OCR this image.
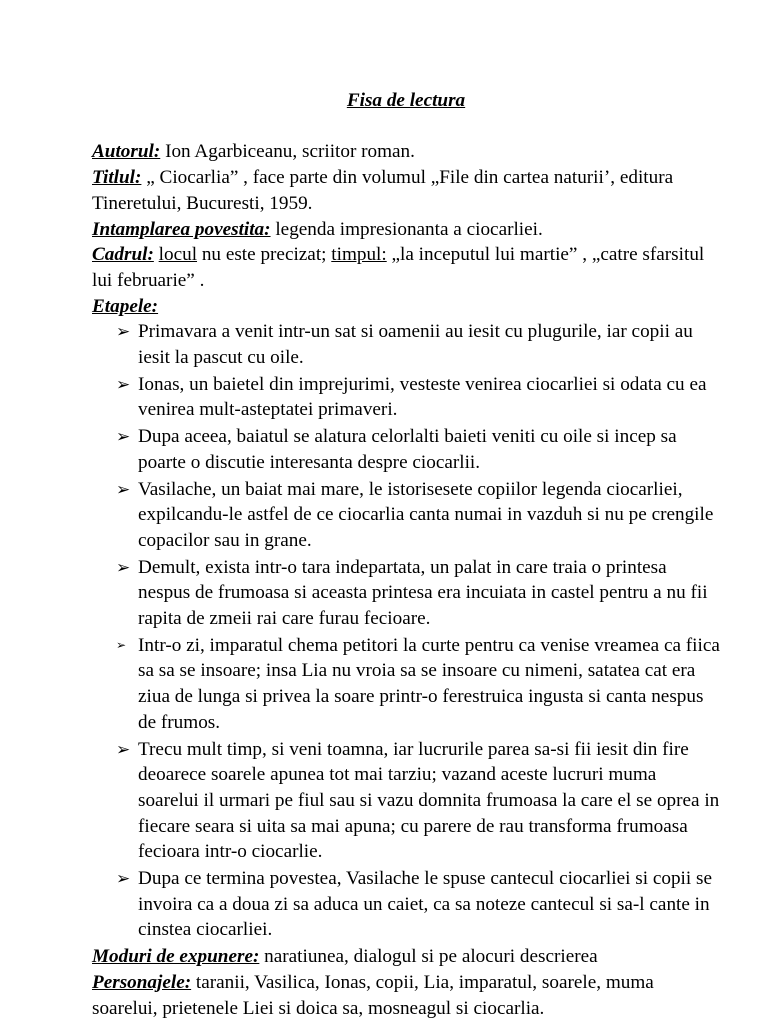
Fisa de lectura

Autorul: Ion Agarbiceanu, scriitor roman.

Titlul: „ Ciocarlia” , face parte din volumul „File din cartea naturii’, editura Tineretului, Bucuresti, 1959.

Intamplarea povestita: legenda impresionanta a ciocarliei.

Cadrul: locul nu este precizat; timpul: „la inceputul lui martie” , „catre sfarsitul lui februarie” .

Etapele:

➢ Primavara a venit intr-un sat si oamenii au iesit cu plugurile, iar copii au iesit la pascut cu oile.
➢ Ionas, un baietel din imprejurimi, vesteste venirea ciocarliei si odata cu ea venirea mult-asteptatei primaveri.
➢ Dupa aceea, baiatul se alatura celorlalti baieti veniti cu oile si incep sa poarte o discutie interesanta despre ciocarlii.
➢ Vasilache, un baiat mai mare, le istorisesete copiilor legenda ciocarliei, expilcandu-le astfel de ce ciocarlia canta numai in vazduh si nu pe crengile copacilor sau in grane.
➢ Demult, exista intr-o tara indepartata, un palat in care traia o printesa nespus de frumoasa si aceasta printesa era incuiata in castel pentru a nu fii rapita de zmeii rai care furau fecioare.
➢ Intr-o zi, imparatul chema petitori la curte pentru ca venise vreamea ca fiica sa sa se insoare; insa Lia nu vroia sa se insoare cu nimeni, satatea cat era ziua de lunga si privea la soare printr-o ferestruica ingusta si canta nespus de frumos.
➢ Trecu mult timp, si veni toamna, iar lucrurile parea sa-si fii iesit din fire deoarece soarele apunea tot mai tarziu; vazand aceste lucruri muma soarelui il urmari pe fiul sau si vazu domnita frumoasa la care el se oprea in fiecare seara si uita sa mai apuna; cu parere de rau transforma frumoasa fecioara intr-o ciocarlie.
➢ Dupa ce termina povestea, Vasilache le spuse cantecul ciocarliei si copii se invoira ca a doua zi sa aduca un caiet, ca sa noteze cantecul si sa-l cante in cinstea ciocarliei.

Moduri de expunere: naratiunea, dialogul si pe alocuri descrierea

Personajele: taranii, Vasilica, Ionas, copii, Lia, imparatul, soarele, muma soarelui, prietenele Liei si doica sa, mosneagul si ciocarlia.
